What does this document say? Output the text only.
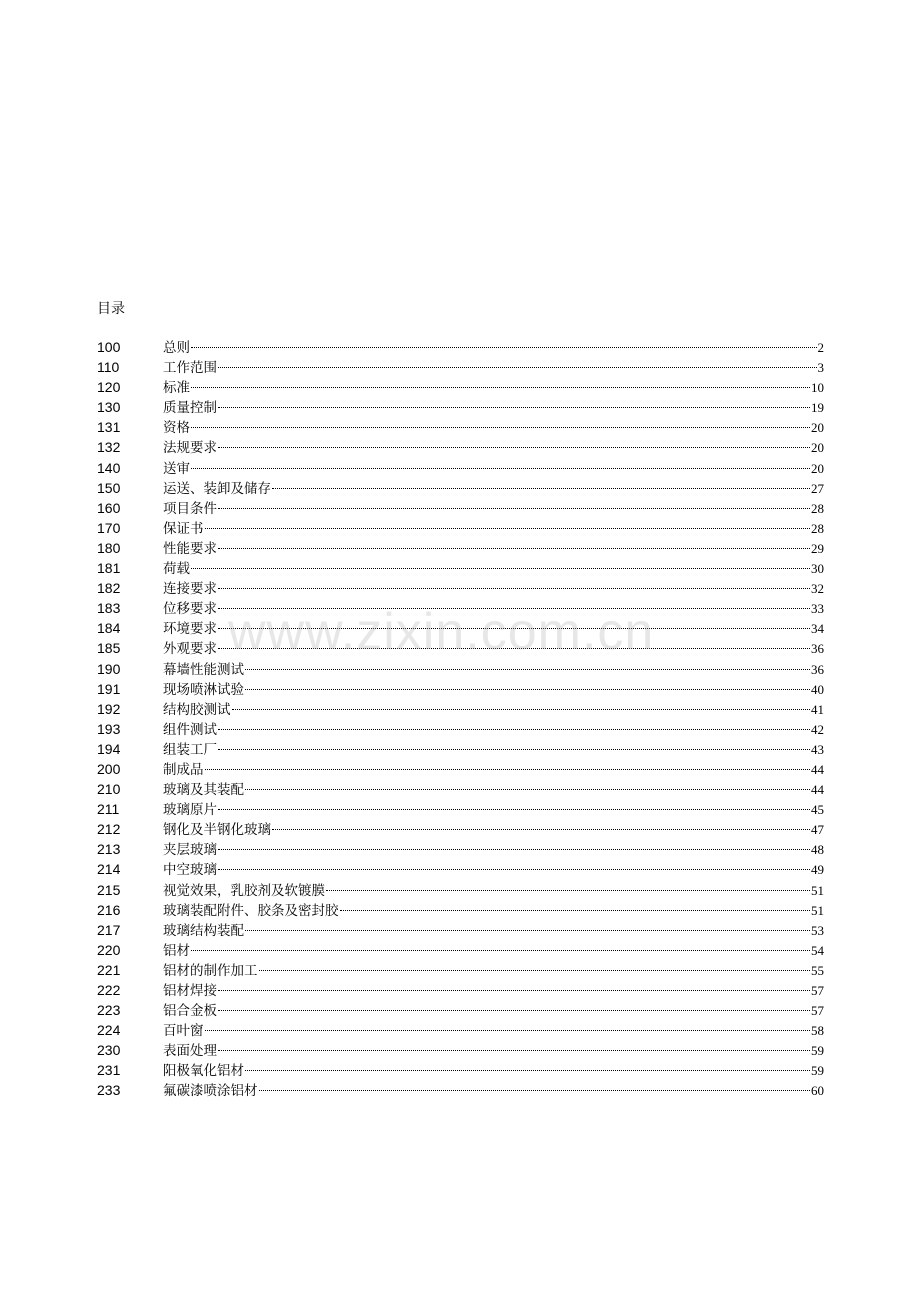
目录
100	总则	2
110	工作范围	3
120	标准	10
130	质量控制	19
131	资格	20
132	法规要求	20
140	送审	20
150	运送、装卸及储存	27
160	项目条件	28
170	保证书	28
180	性能要求	29
181	荷载	30
182	连接要求	32
183	位移要求	33
184	环境要求	34
185	外观要求	36
190	幕墙性能测试	36
191	现场喷淋试验	40
192	结构胶测试	41
193	组件测试	42
194	组装工厂	43
200	制成品	44
210	玻璃及其装配	44
211	玻璃原片	45
212	钢化及半钢化玻璃	47
213	夹层玻璃	48
214	中空玻璃	49
215	视觉效果，乳胶剂及软镀膜	51
216	玻璃装配附件、胶条及密封胶	51
217	玻璃结构装配	53
220	铝材	54
221	铝材的制作加工	55
222	铝材焊接	57
223	铝合金板	57
224	百叶窗	58
230	表面处理	59
231	阳极氧化铝材	59
233	氟碳漆喷涂铝材	60
www.zixin.com.cn
